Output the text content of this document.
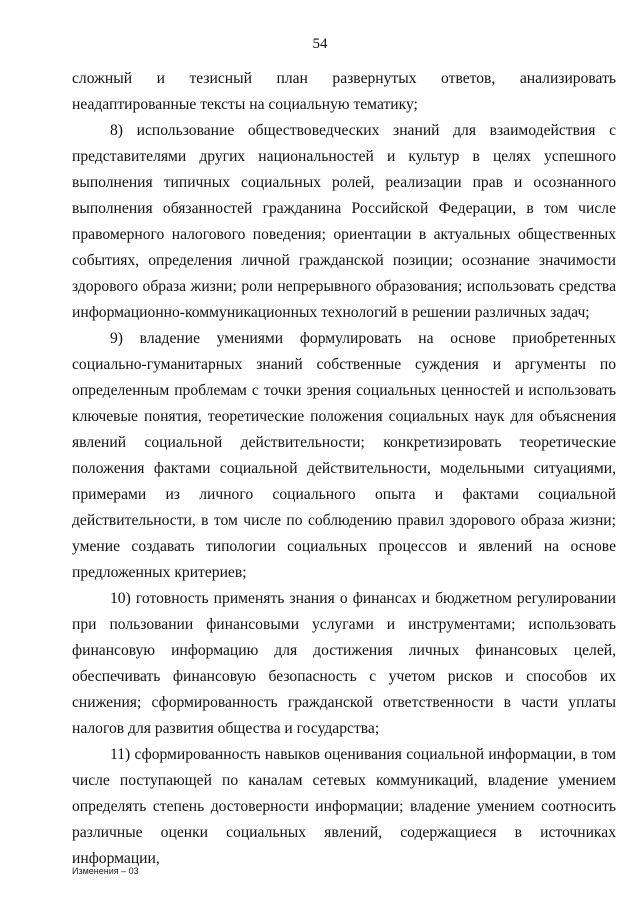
54

сложный и тезисный план развернутых ответов, анализировать неадаптированные тексты на социальную тематику;

8) использование обществоведческих знаний для взаимодействия с представителями других национальностей и культур в целях успешного выполнения типичных социальных ролей, реализации прав и осознанного выполнения обязанностей гражданина Российской Федерации, в том числе правомерного налогового поведения; ориентации в актуальных общественных событиях, определения личной гражданской позиции; осознание значимости здорового образа жизни; роли непрерывного образования; использовать средства информационно-коммуникационных технологий в решении различных задач;

9) владение умениями формулировать на основе приобретенных социально-гуманитарных знаний собственные суждения и аргументы по определенным проблемам с точки зрения социальных ценностей и использовать ключевые понятия, теоретические положения социальных наук для объяснения явлений социальной действительности; конкретизировать теоретические положения фактами социальной действительности, модельными ситуациями, примерами из личного социального опыта и фактами социальной действительности, в том числе по соблюдению правил здорового образа жизни; умение создавать типологии социальных процессов и явлений на основе предложенных критериев;

10) готовность применять знания о финансах и бюджетном регулировании при пользовании финансовыми услугами и инструментами; использовать финансовую информацию для достижения личных финансовых целей, обеспечивать финансовую безопасность с учетом рисков и способов их снижения; сформированность гражданской ответственности в части уплаты налогов для развития общества и государства;

11) сформированность навыков оценивания социальной информации, в том числе поступающей по каналам сетевых коммуникаций, владение умением определять степень достоверности информации; владение умением соотносить различные оценки социальных явлений, содержащиеся в источниках информации,

Изменения – 03
